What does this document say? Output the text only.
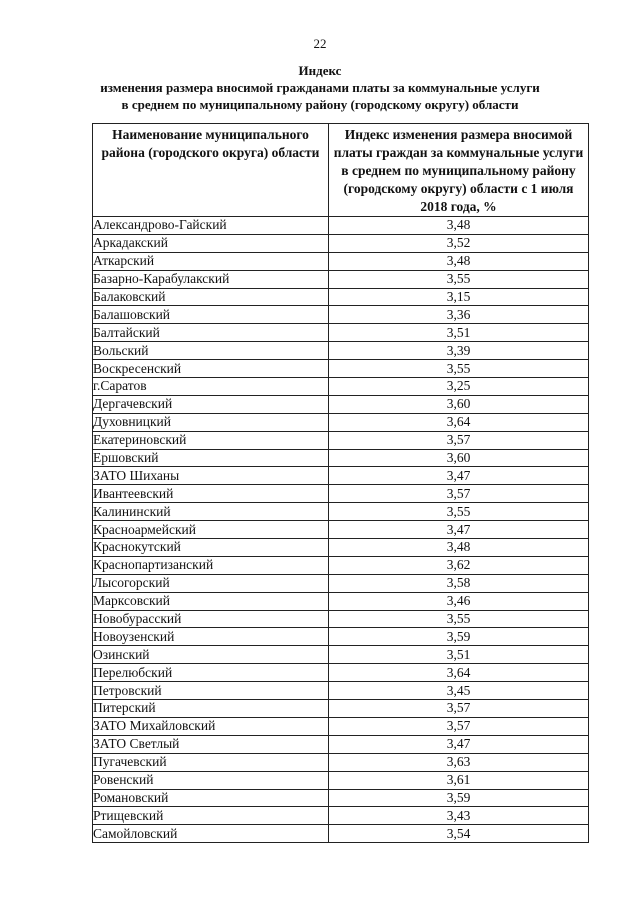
22
Индекс
изменения размера вносимой гражданами платы за коммунальные услуги
в среднем по муниципальному району (городскому округу) области
Наименование муниципального района (городского округа) области	Индекс изменения размера вносимой платы граждан за коммунальные услуги в среднем по муниципальному району (городскому округу) области с 1 июля 2018 года, %
Александрово-Гайский	3,48
Аркадакский	3,52
Аткарский	3,48
Базарно-Карабулакский	3,55
Балаковский	3,15
Балашовский	3,36
Балтайский	3,51
Вольский	3,39
Воскресенский	3,55
г.Саратов	3,25
Дергачевский	3,60
Духовницкий	3,64
Екатериновский	3,57
Ершовский	3,60
ЗАТО Шиханы	3,47
Ивантеевский	3,57
Калининский	3,55
Красноармейский	3,47
Краснокутский	3,48
Краснопартизанский	3,62
Лысогорский	3,58
Марксовский	3,46
Новобурасский	3,55
Новоузенский	3,59
Озинский	3,51
Перелюбский	3,64
Петровский	3,45
Питерский	3,57
ЗАТО Михайловский	3,57
ЗАТО Светлый	3,47
Пугачевский	3,63
Ровенский	3,61
Романовский	3,59
Ртищевский	3,43
Самойловский	3,54
